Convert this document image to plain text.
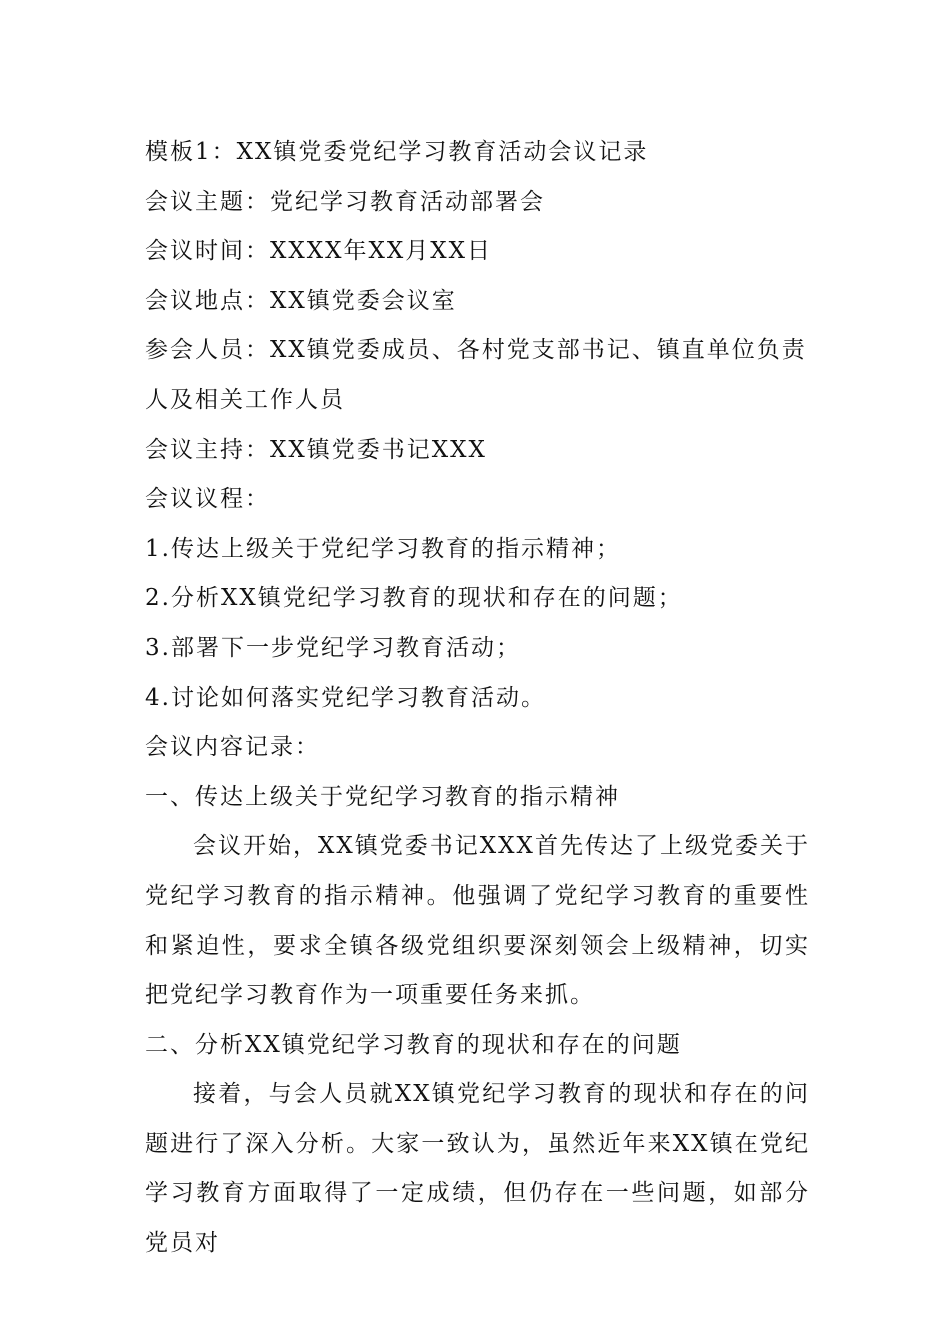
模板1：XX镇党委党纪学习教育活动会议记录

会议主题：党纪学习教育活动部署会

会议时间：XXXX年XX月XX日

会议地点：XX镇党委会议室

参会人员：XX镇党委成员、各村党支部书记、镇直单位负责人及相关工作人员

会议主持：XX镇党委书记XXX

会议议程：

1.传达上级关于党纪学习教育的指示精神；

2.分析XX镇党纪学习教育的现状和存在的问题；

3.部署下一步党纪学习教育活动；

4.讨论如何落实党纪学习教育活动。

会议内容记录：

一、传达上级关于党纪学习教育的指示精神

会议开始，XX镇党委书记XXX首先传达了上级党委关于党纪学习教育的指示精神。他强调了党纪学习教育的重要性和紧迫性，要求全镇各级党组织要深刻领会上级精神，切实把党纪学习教育作为一项重要任务来抓。

二、分析XX镇党纪学习教育的现状和存在的问题

接着，与会人员就XX镇党纪学习教育的现状和存在的问题进行了深入分析。大家一致认为，虽然近年来XX镇在党纪学习教育方面取得了一定成绩，但仍存在一些问题，如部分党员对
